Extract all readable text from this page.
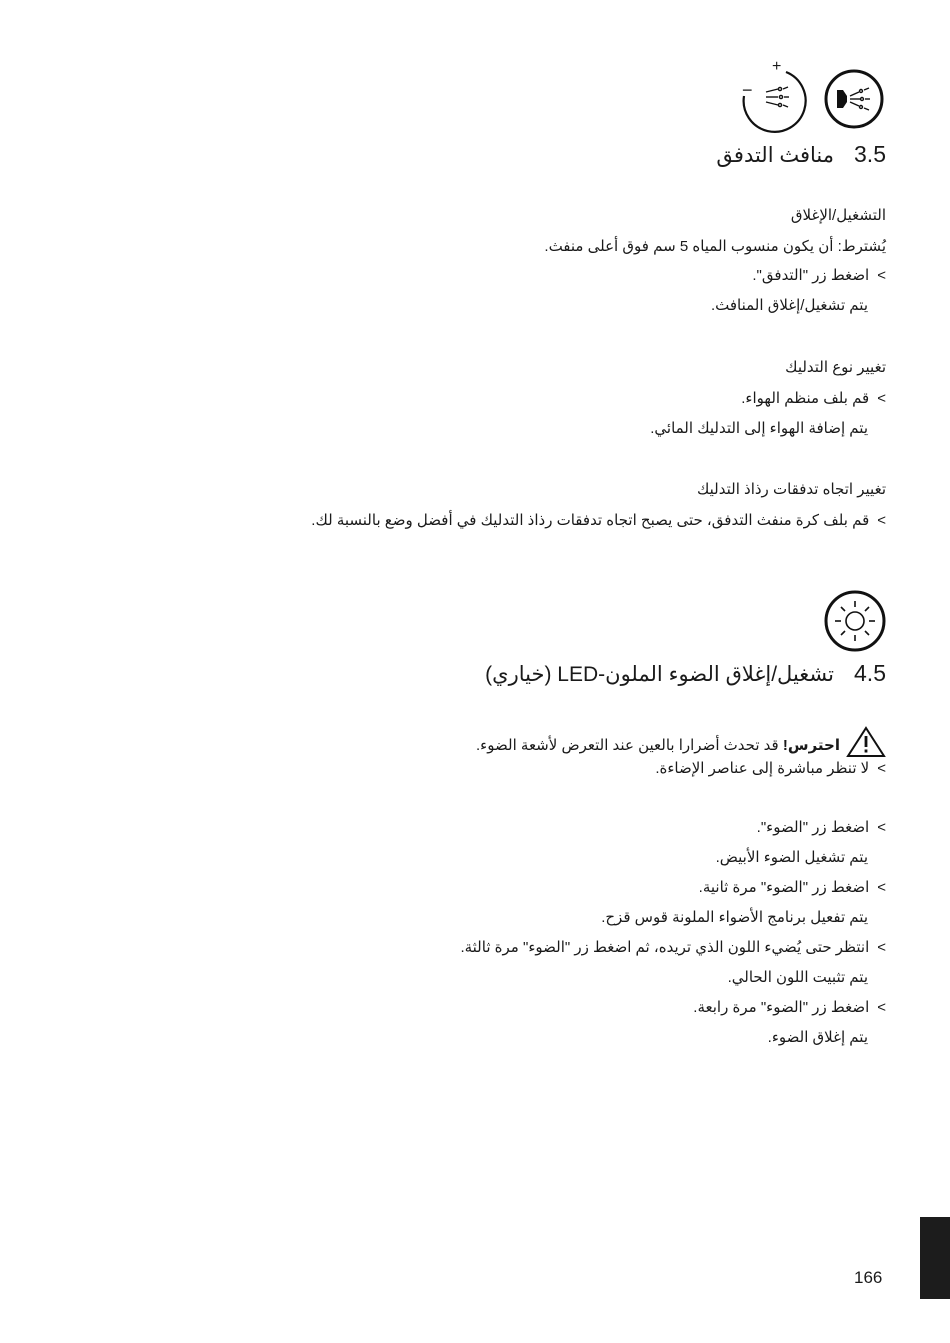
+
−
3.5منافث التدفق
التشغيل/الإغلاق
يُشترط: أن يكون منسوب المياه 5 سم فوق أعلى منفث.
>اضغط زر "التدفق".
يتم تشغيل/إغلاق المنافث.
تغيير نوع التدليك
>قم بلف منظم الهواء.
يتم إضافة الهواء إلى التدليك المائي.
تغيير اتجاه تدفقات رذاذ التدليك
>قم بلف كرة منفث التدفق، حتى يصبح اتجاه تدفقات رذاذ التدليك في أفضل وضع بالنسبة لك.
4.5تشغيل/إغلاق الضوء الملون-LED (خياري)
احترس! قد تحدث أضرارا بالعين عند التعرض لأشعة الضوء.
>لا تنظر مباشرة إلى عناصر الإضاءة.
>اضغط زر "الضوء".
يتم تشغيل الضوء الأبيض.
>اضغط زر "الضوء" مرة ثانية.
يتم تفعيل برنامج الأضواء الملونة قوس قزح.
>انتظر حتى يُضيء اللون الذي تريده، ثم اضغط زر "الضوء" مرة ثالثة.
يتم تثبيت اللون الحالي.
>اضغط زر "الضوء" مرة رابعة.
يتم إغلاق الضوء.
166
